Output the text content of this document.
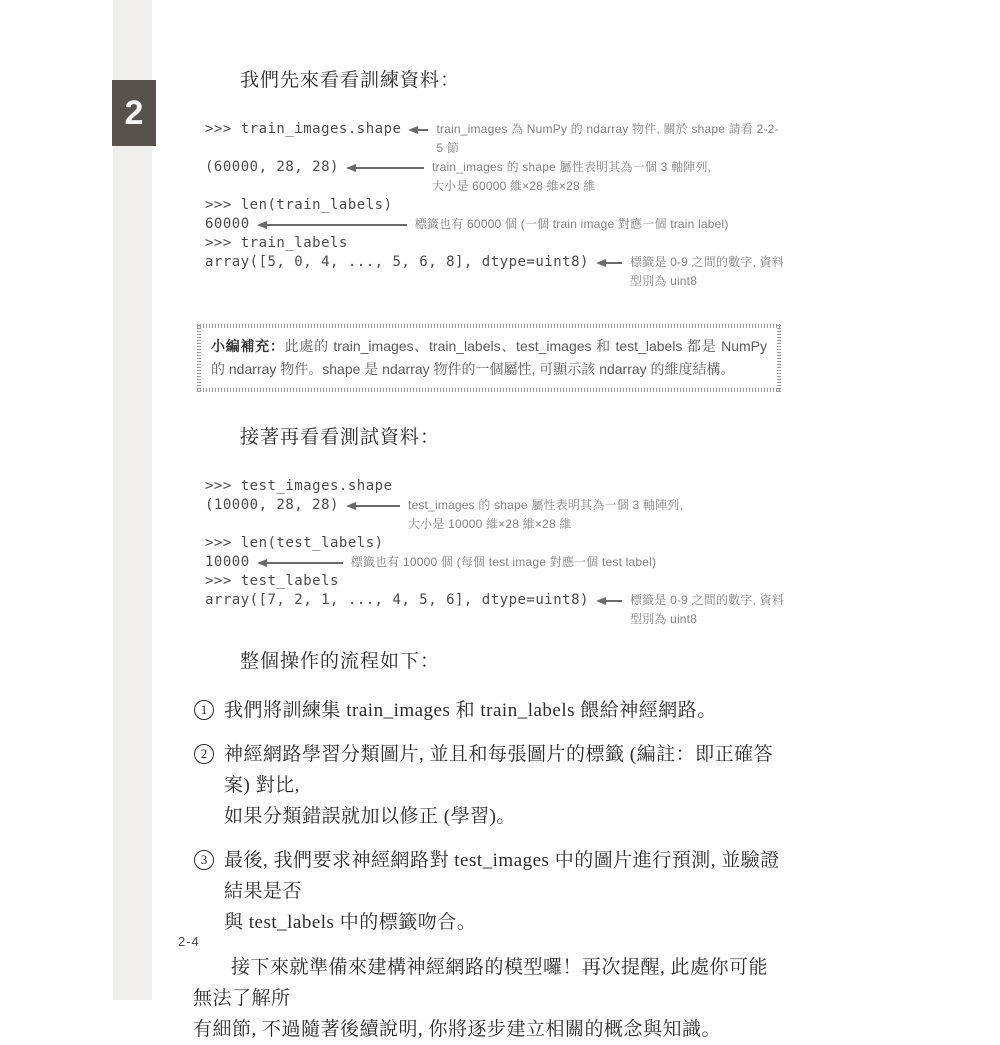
2
我們先來看看訓練資料：
>>> train_images.shape	train_images 為 NumPy 的 ndarray 物件, 關於 shape 請看 2-2-5 節
(60000, 28, 28)	train_images 的 shape 屬性表明其為一個 3 軸陣列,
大小是 60000 維×28 維×28 維
>>> len(train_labels)
60000	標籤也有 60000 個 (一個 train image 對應一個 train label)
>>> train_labels
array([5, 0, 4, ..., 5, 6, 8], dtype=uint8)	標籤是 0-9 之間的數字, 資料型別為 uint8
小編補充：此處的 train_images、train_labels、test_images 和 test_labels 都是 NumPy 的 ndarray 物件。shape 是 ndarray 物件的一個屬性, 可顯示該 ndarray 的維度結構。
接著再看看測試資料：
>>> test_images.shape
(10000, 28, 28)	test_images 的 shape 屬性表明其為一個 3 軸陣列,
大小是 10000 維×28 維×28 維
>>> len(test_labels)
10000	標籤也有 10000 個 (每個 test image 對應一個 test label)
>>> test_labels
array([7, 2, 1, ..., 4, 5, 6], dtype=uint8)	標籤是 0-9 之間的數字, 資料型別為 uint8
整個操作的流程如下：
1 我們將訓練集 train_images 和 train_labels 餵給神經網路。
2 神經網路學習分類圖片, 並且和每張圖片的標籤 (編註：即正確答案) 對比,
如果分類錯誤就加以修正 (學習)。
3 最後, 我們要求神經網路對 test_images 中的圖片進行預測, 並驗證結果是否
與 test_labels 中的標籤吻合。
接下來就準備來建構神經網路的模型囉！再次提醒, 此處你可能無法了解所
有細節, 不過隨著後續說明, 你將逐步建立相關的概念與知識。
2-4
